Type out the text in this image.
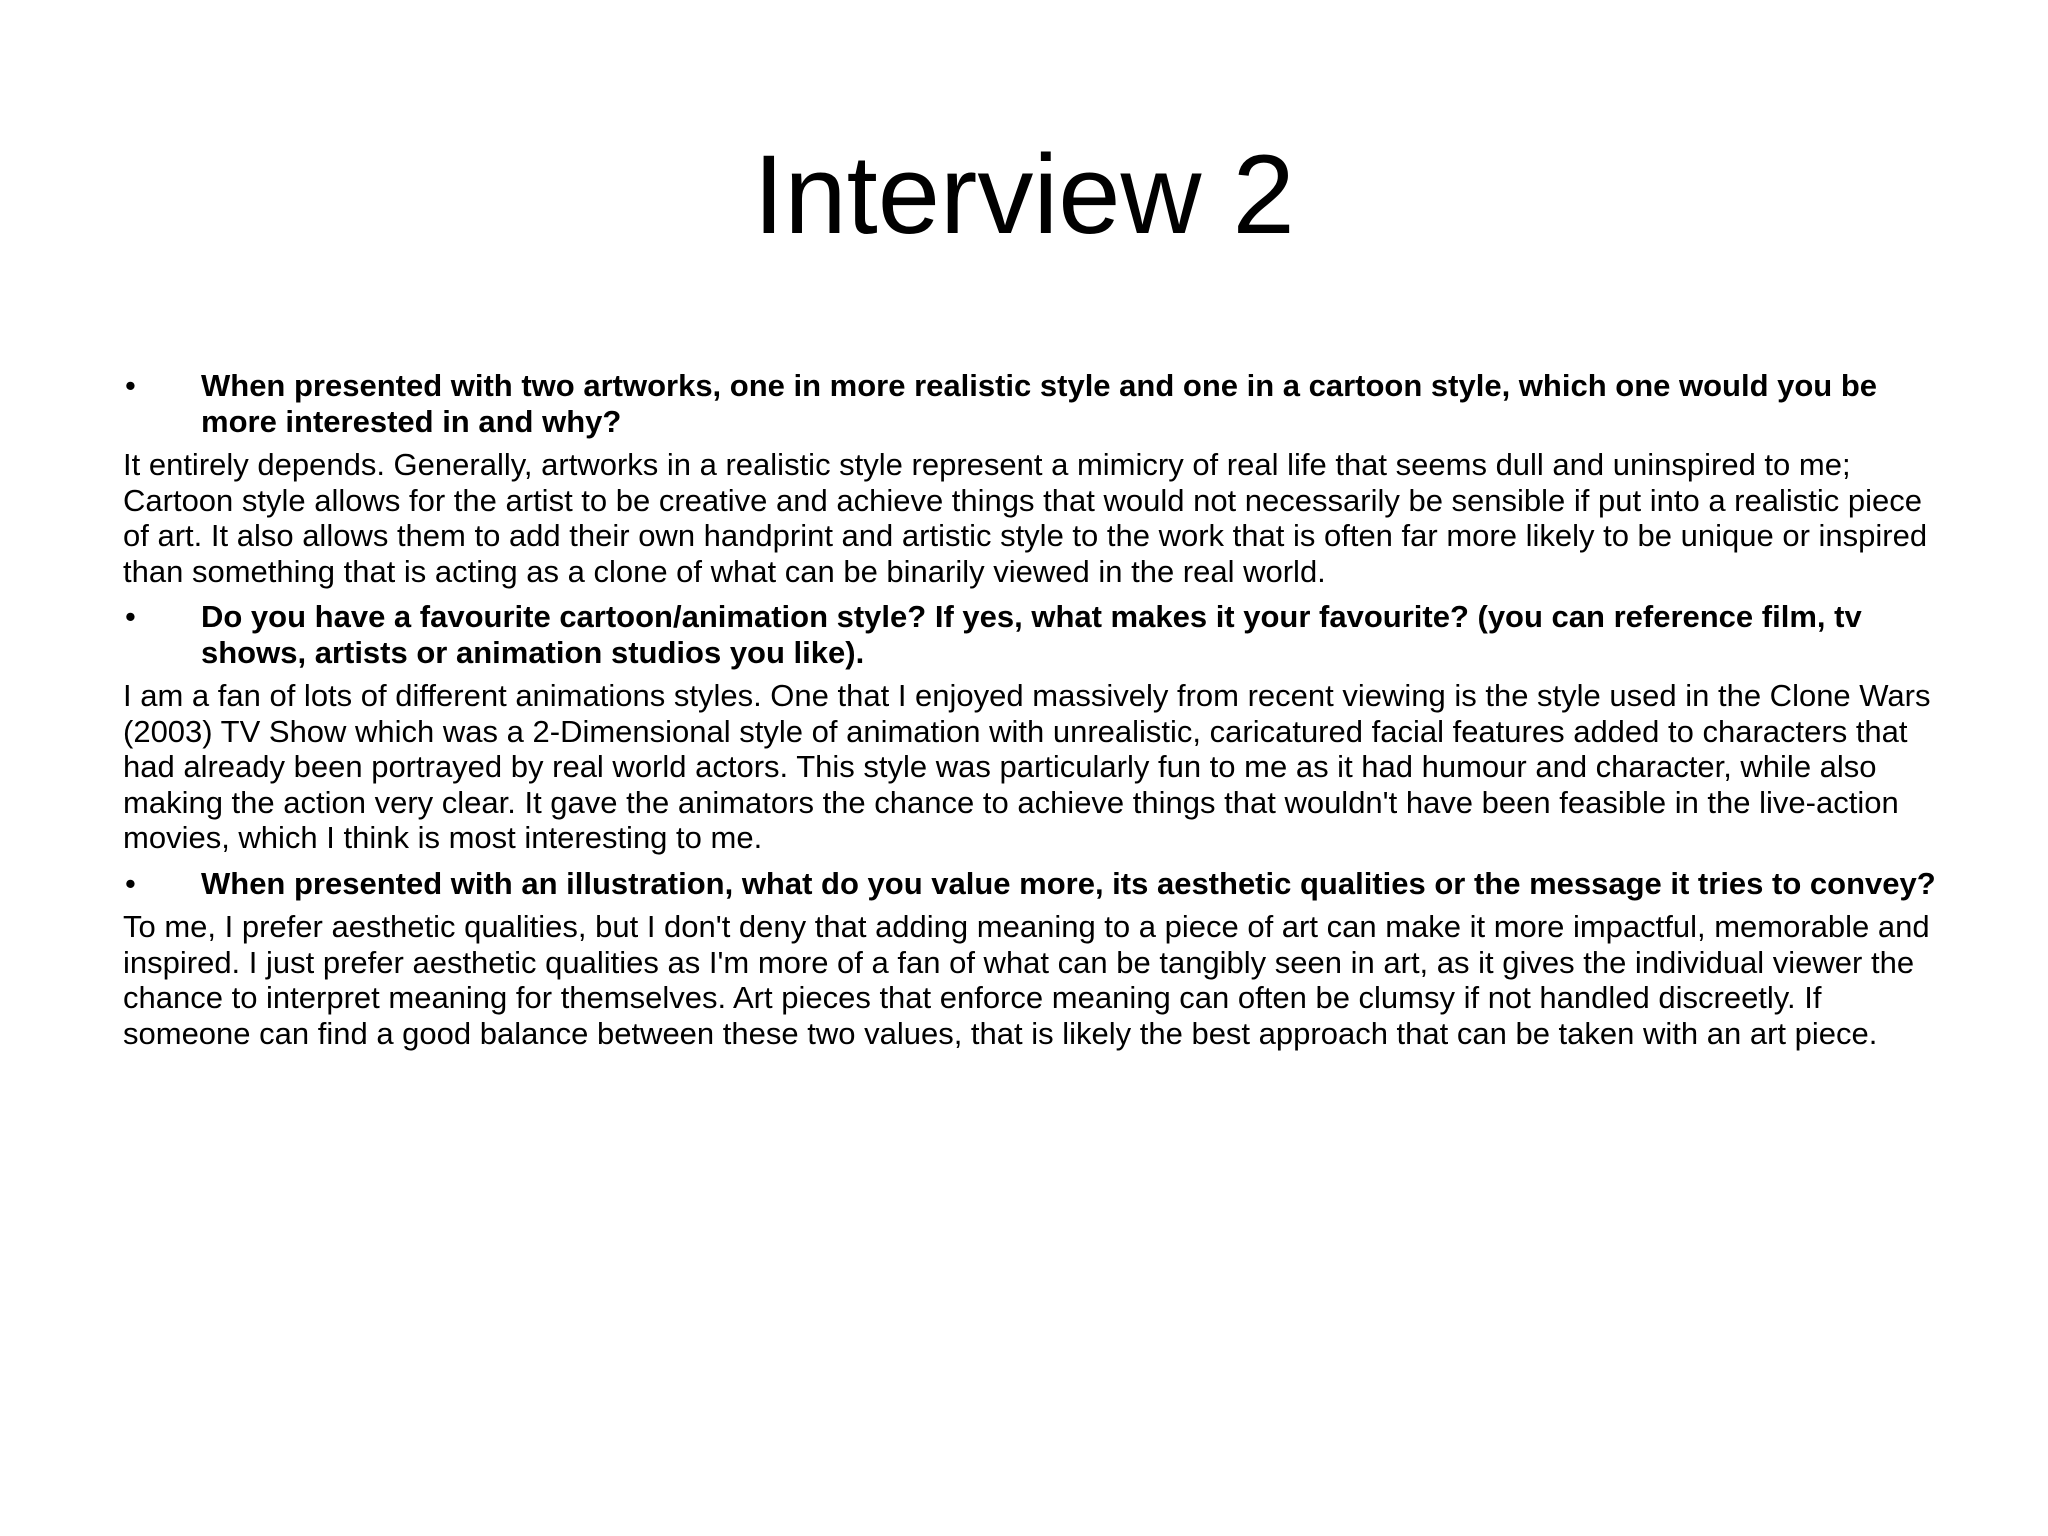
Interview 2

• When presented with two artworks, one in more realistic style and one in a cartoon style, which one would you be more interested in and why?

It entirely depends. Generally, artworks in a realistic style represent a mimicry of real life that seems dull and uninspired to me; Cartoon style allows for the artist to be creative and achieve things that would not necessarily be sensible if put into a realistic piece of art. It also allows them to add their own handprint and artistic style to the work that is often far more likely to be unique or inspired than something that is acting as a clone of what can be binarily viewed in the real world.

• Do you have a favourite cartoon/animation style? If yes, what makes it your favourite? (you can reference film, tv shows, artists or animation studios you like).

I am a fan of lots of different animations styles. One that I enjoyed massively from recent viewing is the style used in the Clone Wars (2003) TV Show which was a 2-Dimensional style of animation with unrealistic, caricatured facial features added to characters that had already been portrayed by real world actors. This style was particularly fun to me as it had humour and character, while also making the action very clear. It gave the animators the chance to achieve things that wouldn't have been feasible in the live-action movies, which I think is most interesting to me.

• When presented with an illustration, what do you value more, its aesthetic qualities or the message it tries to convey?

To me, I prefer aesthetic qualities, but I don't deny that adding meaning to a piece of art can make it more impactful, memorable and inspired. I just prefer aesthetic qualities as I'm more of a fan of what can be tangibly seen in art, as it gives the individual viewer the chance to interpret meaning for themselves. Art pieces that enforce meaning can often be clumsy if not handled discreetly. If someone can find a good balance between these two values, that is likely the best approach that can be taken with an art piece.
